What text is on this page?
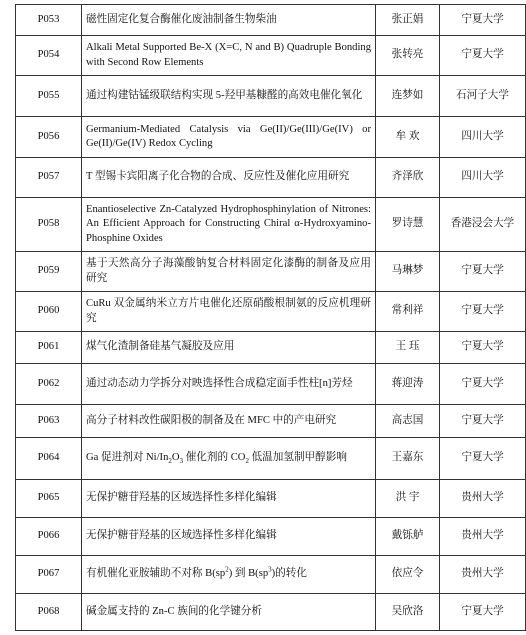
P053	磁性固定化复合酶催化废油制备生物柴油	张正娟	宁夏大学
P054	Alkali Metal Supported Be-X (X=C, N and B) Quadruple Bonding with Second Row Elements	张转亮	宁夏大学
P055	通过构建钴锰级联结构实现 5-羟甲基糠醛的高效电催化氧化	连梦如	石河子大学
P056	Germanium-Mediated Catalysis via Ge(II)/Ge(III)/Ge(IV) or Ge(II)/Ge(IV) Redox Cycling	牟 欢	四川大学
P057	T 型锡卡宾阳离子化合物的合成、反应性及催化应用研究	齐泽欣	四川大学
P058	Enantioselective Zn-Catalyzed Hydrophosphinylation of Nitrones: An Efficient Approach for Constructing Chiral α-Hydroxyamino-Phosphine Oxides	罗诗慧	香港浸会大学
P059	基于天然高分子海藻酸钠复合材料固定化漆酶的制备及应用研究	马琳梦	宁夏大学
P060	CuRu 双金属纳米立方片电催化还原硝酸根制氨的反应机理研究	常利祥	宁夏大学
P061	煤气化渣制备硅基气凝胶及应用	王 珏	宁夏大学
P062	通过动态动力学拆分对映选择性合成稳定面手性柱[n]芳烃	蒋迎涛	宁夏大学
P063	高分子材料改性碳阳极的制备及在 MFC 中的产电研究	高志国	宁夏大学
P064	Ga 促进剂对 $Ni/In_2O_3$ 催化剂的 $CO_2$ 低温加氢制甲醇影响	王嘉东	宁夏大学
P065	无保护糖苷羟基的区域选择性多样化编辑	洪 宇	贵州大学
P066	无保护糖苷羟基的区域选择性多样化编辑	戴铄舻	贵州大学
P067	有机催化亚胺辅助不对称 $B(sp^2)$ 到 $B(sp^3)$的转化	依应令	贵州大学
P068	碱金属支持的 Zn-C 族间的化学键分析	吴欣洛	宁夏大学
